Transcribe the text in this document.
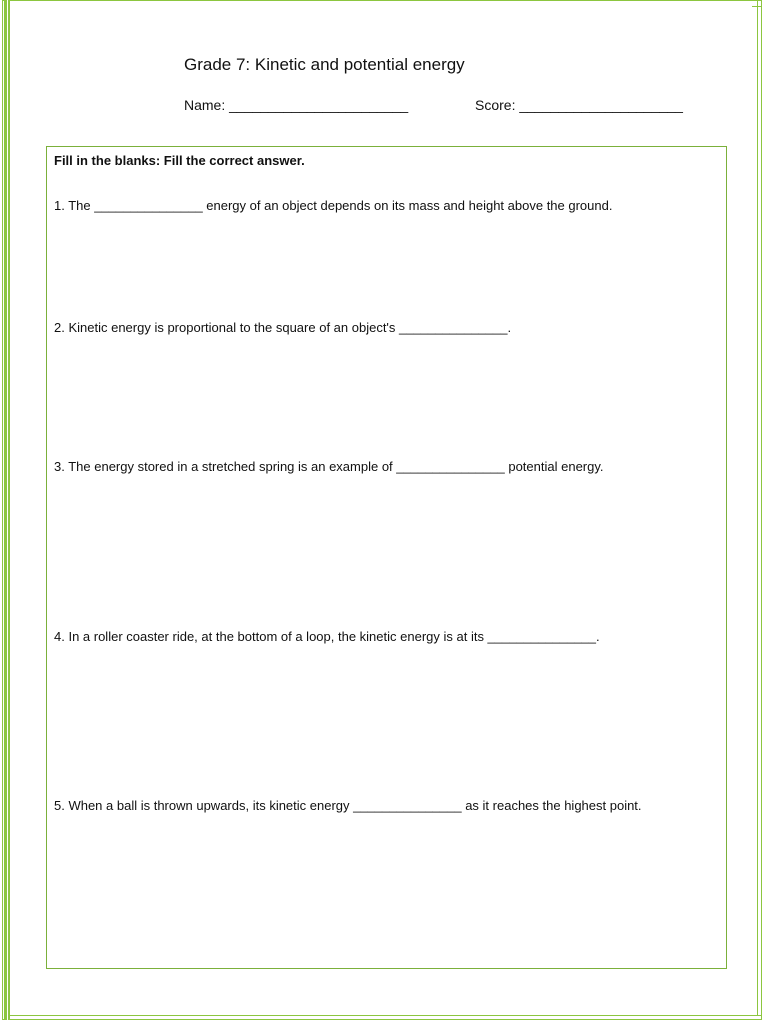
Grade 7: Kinetic and potential energy
Name: _______________________	Score: _____________________
Fill in the blanks: Fill the correct answer.
1. The _______________ energy of an object depends on its mass and height above the ground.
2. Kinetic energy is proportional to the square of an object's _______________.
3. The energy stored in a stretched spring is an example of _______________ potential energy.
4. In a roller coaster ride, at the bottom of a loop, the kinetic energy is at its _______________.
5. When a ball is thrown upwards, its kinetic energy _______________ as it reaches the highest point.
